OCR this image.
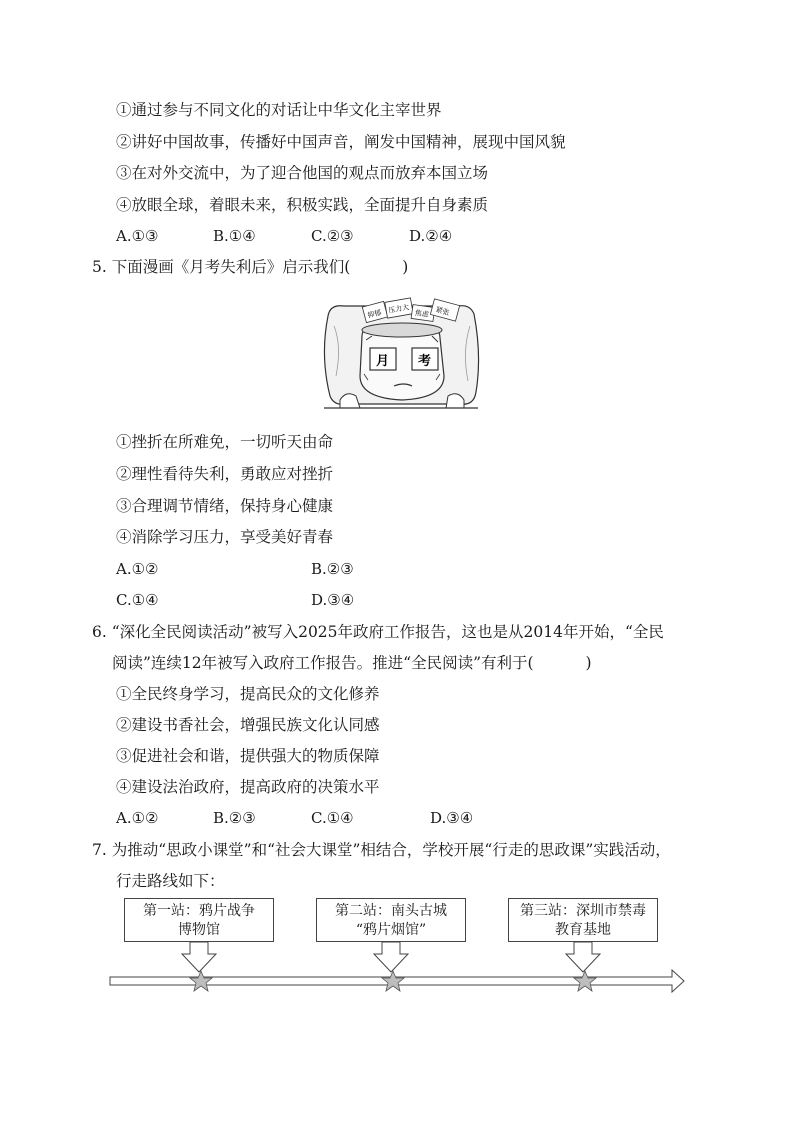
①通过参与不同文化的对话让中华文化主宰世界
②讲好中国故事，传播好中国声音，阐发中国精神，展现中国风貌
③在对外交流中，为了迎合他国的观点而放弃本国立场
④放眼全球，着眼未来，积极实践，全面提升自身素质
A.①③	B.①④	C.②③	D.②④
5. 下面漫画《月考失利后》启示我们(	)
抑郁 压力大 焦虑 紧张
月 考
①挫折在所难免，一切听天由命
②理性看待失利，勇敢应对挫折
③合理调节情绪，保持身心健康
④消除学习压力，享受美好青春
A.①②	B.②③
C.①④	D.③④
6. “深化全民阅读活动”被写入2025年政府工作报告，这也是从2014年开始，“全民
阅读”连续12年被写入政府工作报告。推进“全民阅读”有利于(	)
①全民终身学习，提高民众的文化修养
②建设书香社会，增强民族文化认同感
③促进社会和谐，提供强大的物质保障
④建设法治政府，提高政府的决策水平
A.①②	B.②③	C.①④	D.③④
7. 为推动“思政小课堂”和“社会大课堂”相结合，学校开展“行走的思政课”实践活动，
行走路线如下：
第一站：鸦片战争
博物馆
第二站：南头古城
“鸦片烟馆”
第三站：深圳市禁毒
教育基地
